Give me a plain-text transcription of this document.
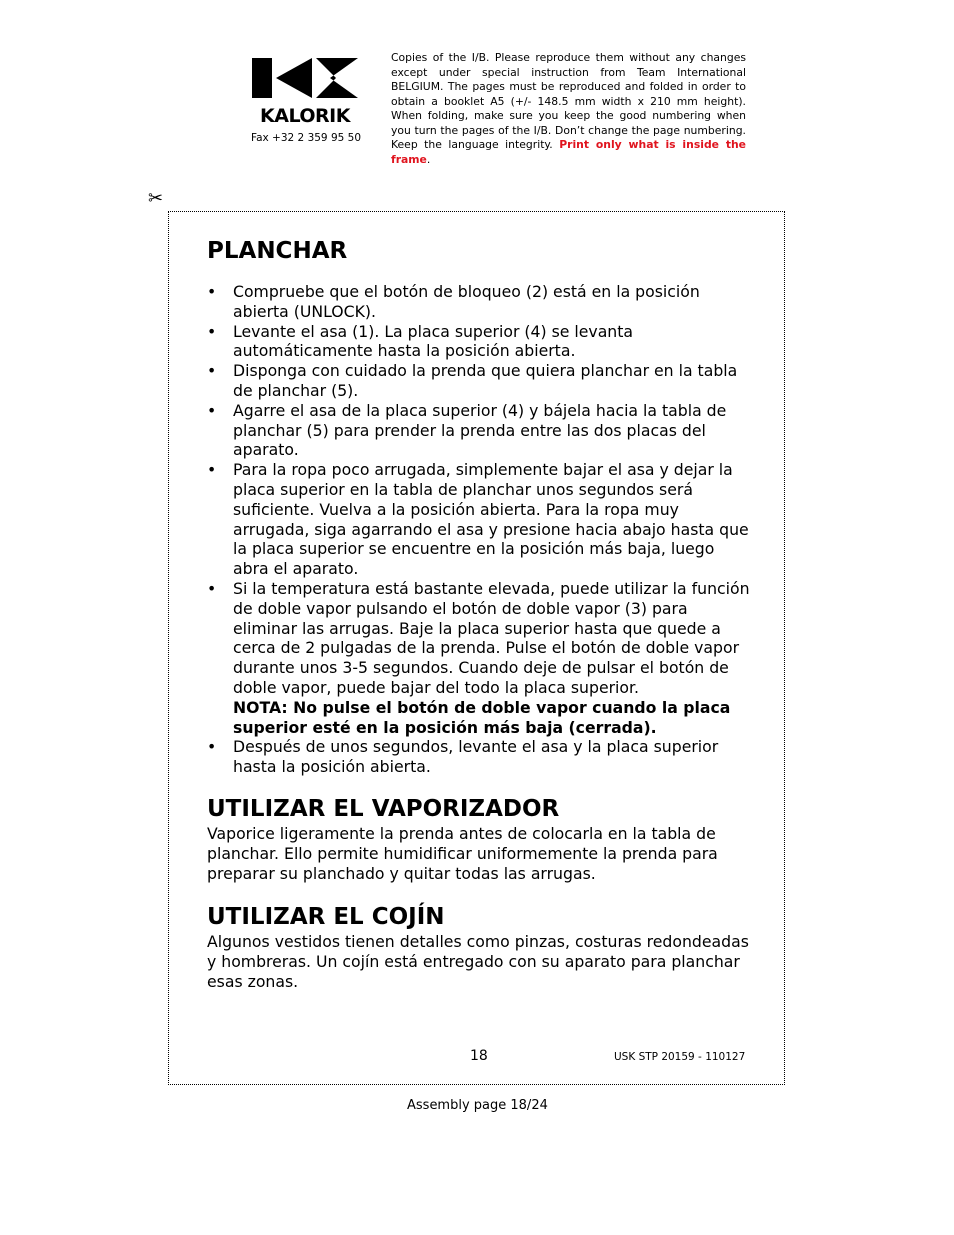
KALORIK
Fax +32 2 359 95 50
Copies of the I/B. Please reproduce them without any changes except under special instruction from Team International BELGIUM. The pages must be reproduced and folded in order to obtain a booklet A5 (+/- 148.5 mm width x 210 mm height). When folding, make sure you keep the good numbering when you turn the pages of the I/B. Don’t change the page numbering. Keep the language integrity. Print only what is inside the frame.
✂
PLANCHAR
• Compruebe que el botón de bloqueo (2) está en la posición abierta (UNLOCK).
• Levante el asa (1). La placa superior (4) se levanta automáticamente hasta la posición abierta.
• Disponga con cuidado la prenda que quiera planchar en la tabla de planchar (5).
• Agarre el asa de la placa superior (4) y bájela hacia la tabla de planchar (5) para prender la prenda entre las dos placas del aparato.
• Para la ropa poco arrugada, simplemente bajar el asa y dejar la placa superior en la tabla de planchar unos segundos será suficiente. Vuelva a la posición abierta. Para la ropa muy arrugada, siga agarrando el asa y presione hacia abajo hasta que la placa superior se encuentre en la posición más baja, luego abra el aparato.
• Si la temperatura está bastante elevada, puede utilizar la función de doble vapor pulsando el botón de doble vapor (3) para eliminar las arrugas. Baje la placa superior hasta que quede a cerca de 2 pulgadas de la prenda. Pulse el botón de doble vapor durante unos 3-5 segundos. Cuando deje de pulsar el botón de doble vapor, puede bajar del todo la placa superior.
NOTA: No pulse el botón de doble vapor cuando la placa superior esté en la posición más baja (cerrada).
• Después de unos segundos, levante el asa y la placa superior hasta la posición abierta.
UTILIZAR EL VAPORIZADOR

Vaporice ligeramente la prenda antes de colocarla en la tabla de planchar. Ello permite humidificar uniformemente la prenda para preparar su planchado y quitar todas las arrugas.

UTILIZAR EL COJÍN

Algunos vestidos tienen detalles como pinzas, costuras redondeadas y hombreras. Un cojín está entregado con su aparato para planchar esas zonas.

18	USK STP 20159 - 110127
Assembly page 18/24
